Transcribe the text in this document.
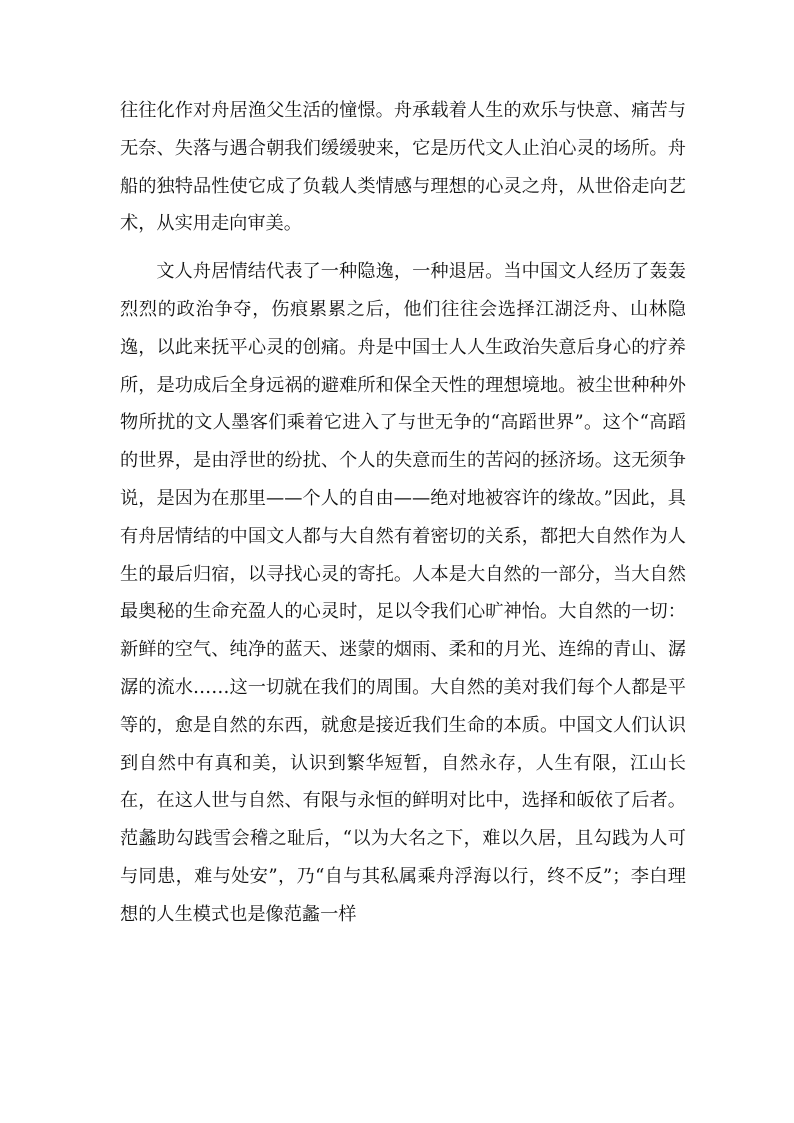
往往化作对舟居渔父生活的憧憬。舟承载着人生的欢乐与快意、痛苦与无奈、失落与遇合朝我们缓缓驶来，它是历代文人止泊心灵的场所。舟船的独特品性使它成了负载人类情感与理想的心灵之舟，从世俗走向艺术，从实用走向审美。

文人舟居情结代表了一种隐逸，一种退居。当中国文人经历了轰轰烈烈的政治争夺，伤痕累累之后，他们往往会选择江湖泛舟、山林隐逸，以此来抚平心灵的创痛。舟是中国士人人生政治失意后身心的疗养所，是功成后全身远祸的避难所和保全天性的理想境地。被尘世种种外物所扰的文人墨客们乘着它进入了与世无争的“高蹈世界”。这个“高蹈的世界，是由浮世的纷扰、个人的失意而生的苦闷的拯济场。这无须争说，是因为在那里——个人的自由——绝对地被容许的缘故。”因此，具有舟居情结的中国文人都与大自然有着密切的关系，都把大自然作为人生的最后归宿，以寻找心灵的寄托。人本是大自然的一部分，当大自然最奥秘的生命充盈人的心灵时，足以令我们心旷神怡。大自然的一切：新鲜的空气、纯净的蓝天、迷蒙的烟雨、柔和的月光、连绵的青山、潺潺的流水……这一切就在我们的周围。大自然的美对我们每个人都是平等的，愈是自然的东西，就愈是接近我们生命的本质。中国文人们认识到自然中有真和美，认识到繁华短暂，自然永存，人生有限，江山长在，在这人世与自然、有限与永恒的鲜明对比中，选择和皈依了后者。范蠡助勾践雪会稽之耻后，“以为大名之下，难以久居，且勾践为人可与同患，难与处安”，乃“自与其私属乘舟浮海以行，终不反”；李白理想的人生模式也是像范蠡一样
